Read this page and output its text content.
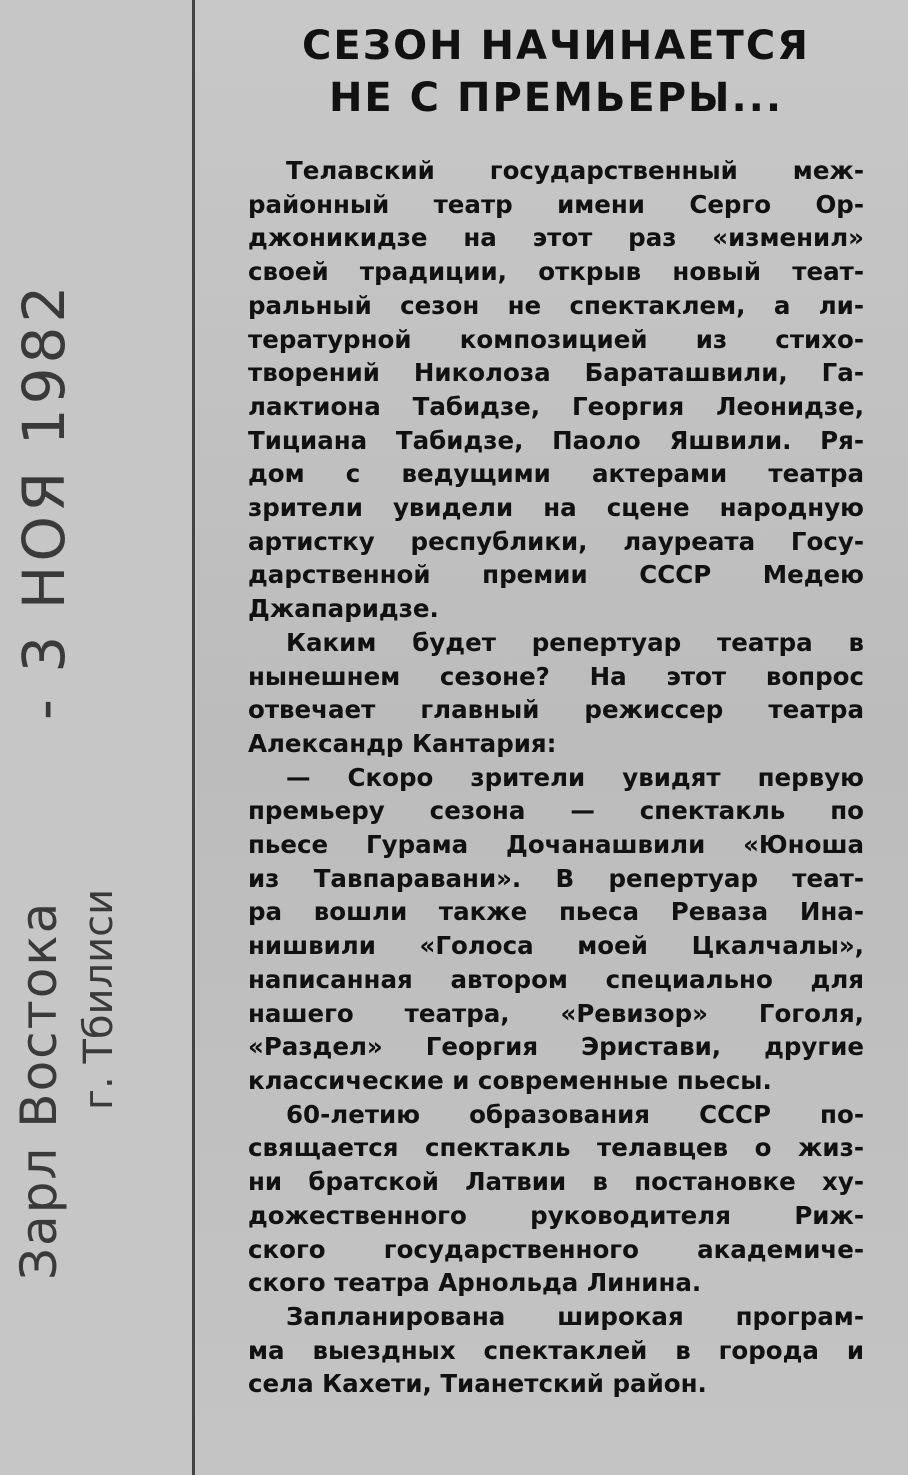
Зарл Востока
- 3 НОЯ 1982
г. Тбилиси
СЕЗОН НАЧИНАЕТСЯ
НЕ С ПРЕМЬЕРЫ...
Телавский государственный меж-
районный театр имени Серго Ор-
джоникидзе на этот раз «изменил»
своей традиции, открыв новый теат-
ральный сезон не спектаклем, а ли-
тературной композицией из стихо-
творений Николоза Бараташвили, Га-
лактиона Табидзе, Георгия Леонидзе,
Тициана Табидзе, Паоло Яшвили. Ря-
дом с ведущими актерами театра
зрители увидели на сцене народную
артистку республики, лауреата Госу-
дарственной премии СССР Медею
Джапаридзе.
Каким будет репертуар театра в
нынешнем сезоне? На этот вопрос
отвечает главный режиссер театра
Александр Кантария:
— Скоро зрители увидят первую
премьеру сезона — спектакль по
пьесе Гурама Дочанашвили «Юноша
из Тавпаравани». В репертуар теат-
ра вошли также пьеса Реваза Ина-
нишвили «Голоса моей Цкалчалы»,
написанная автором специально для
нашего театра, «Ревизор» Гоголя,
«Раздел» Георгия Эристави, другие
классические и современные пьесы.
60-летию образования СССР по-
свящается спектакль телавцев о жиз-
ни братской Латвии в постановке ху-
дожественного руководителя Риж-
ского государственного академиче-
ского театра Арнольда Линина.
Запланирована широкая програм-
ма выездных спектаклей в города и
села Кахети, Тианетский район.
